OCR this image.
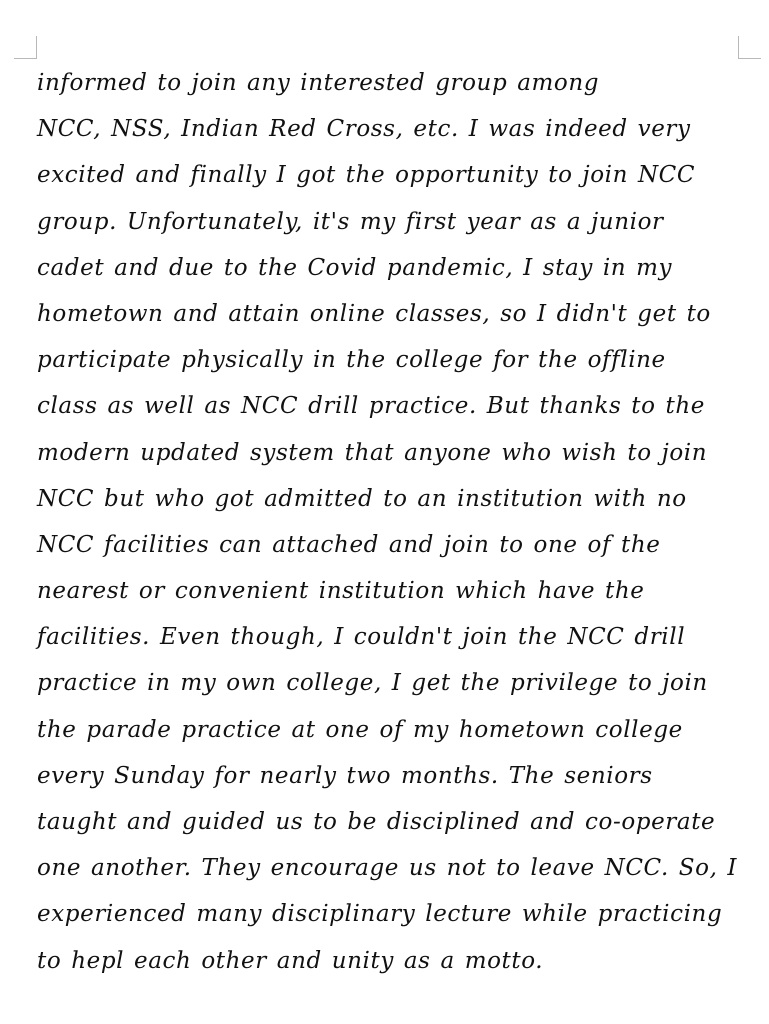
informed to join any interested group among
NCC, NSS, Indian Red Cross, etc. I was indeed very
excited and finally I got the opportunity to join NCC
group. Unfortunately, it's my first year as a junior
cadet and due to the Covid pandemic, I stay in my
hometown and attain online classes, so I didn't get to
participate physically in the college for the offline
class as well as NCC drill practice. But thanks to the
modern updated system that anyone who wish to join
NCC but who got admitted to an institution with no
NCC facilities can attached and join to one of the
nearest or convenient institution which have the
facilities. Even though, I couldn't join the NCC drill
practice in my own college, I get the privilege to join
the parade practice at one of my hometown college
every Sunday for nearly two months. The seniors
taught and guided us to be disciplined and co-operate
one another. They encourage us not to leave NCC. So, I
experienced many disciplinary lecture while practicing
to hepl each other and unity as a motto.
